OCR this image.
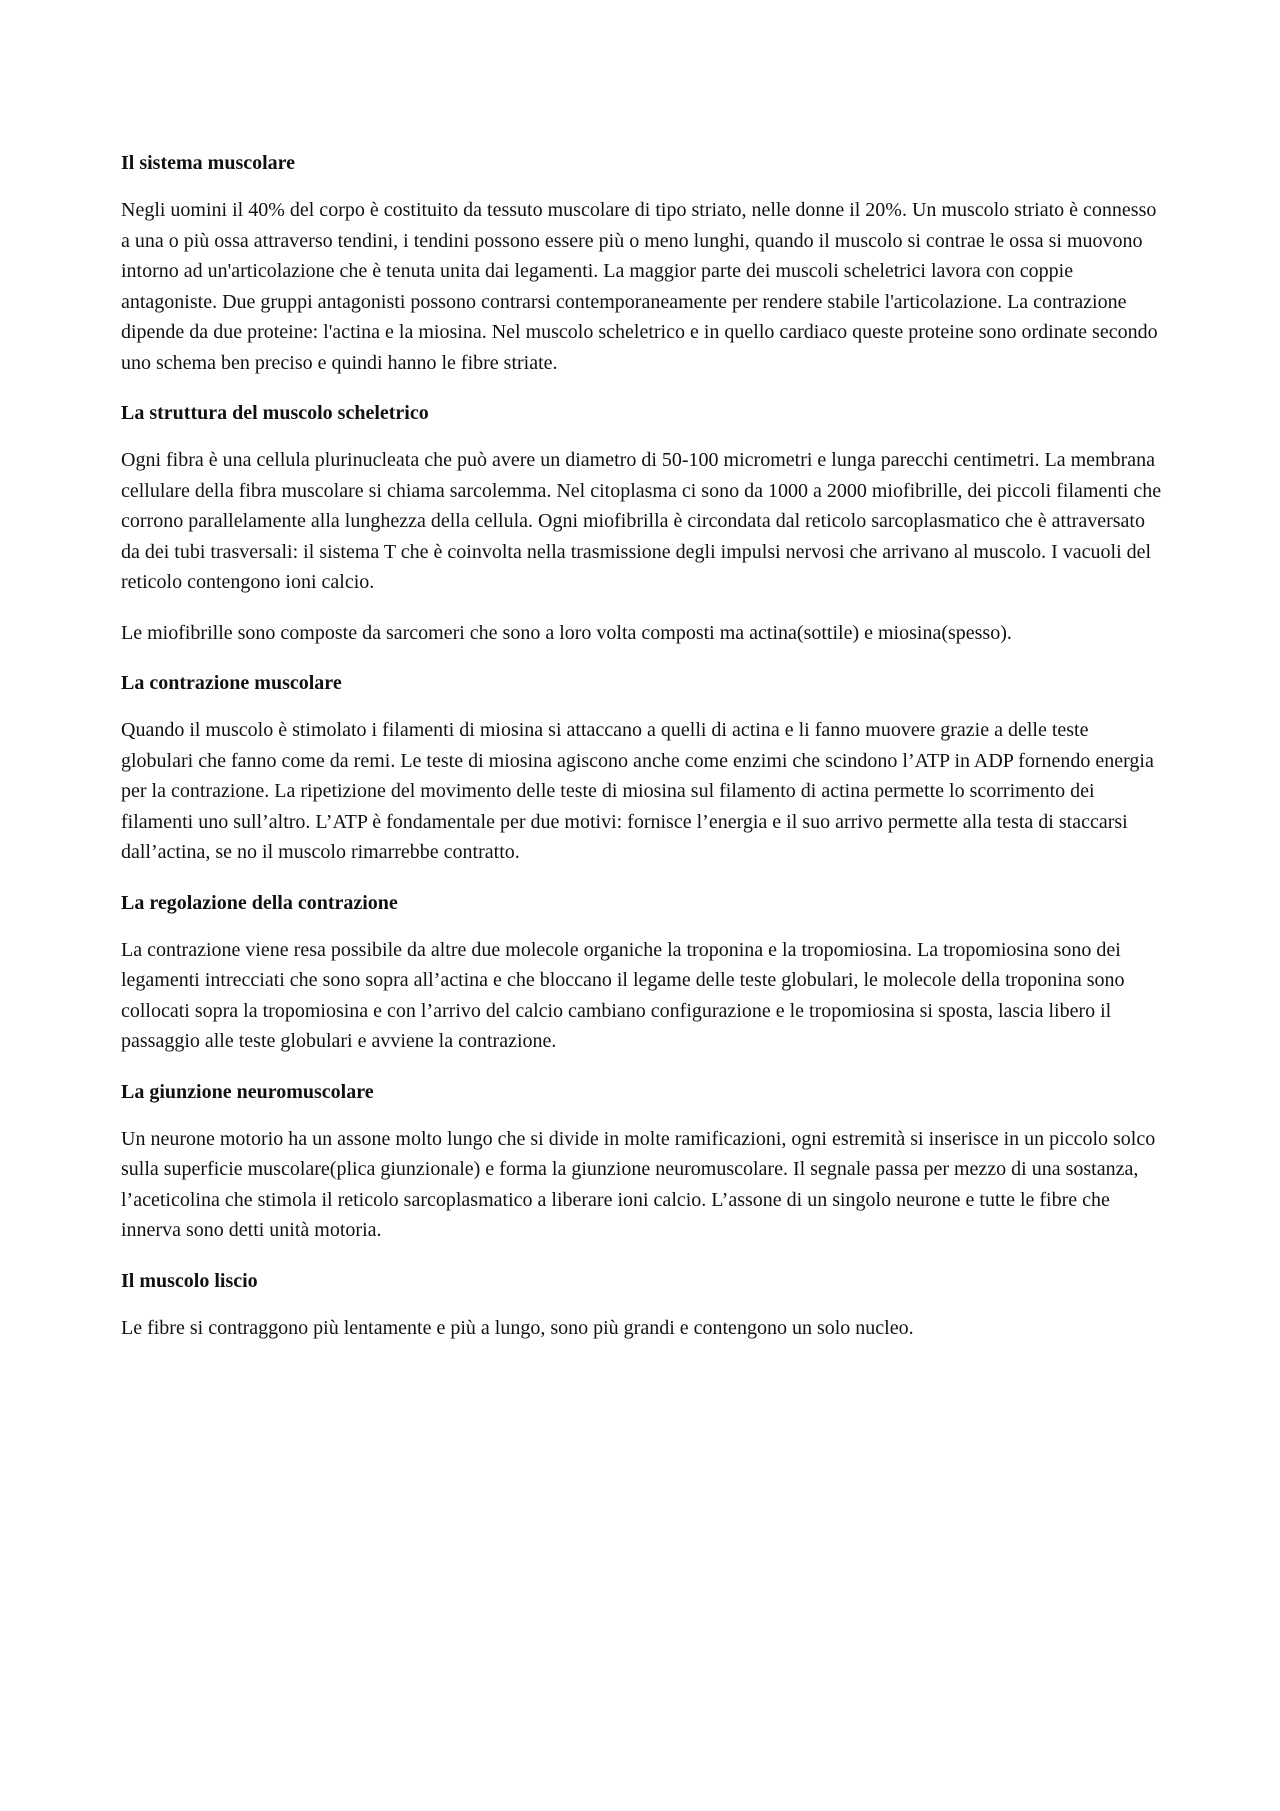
Il sistema muscolare

Negli uomini il 40% del corpo è costituito da tessuto muscolare di tipo striato, nelle donne il 20%. Un muscolo striato è connesso a una o più ossa attraverso tendini, i tendini possono essere più o meno lunghi, quando il muscolo si contrae le ossa si muovono intorno ad un'articolazione che è tenuta unita dai legamenti. La maggior parte dei muscoli scheletrici lavora con coppie antagoniste. Due gruppi antagonisti possono contrarsi contemporaneamente per rendere stabile l'articolazione. La contrazione dipende da due proteine: l'actina e la miosina. Nel muscolo scheletrico e in quello cardiaco queste proteine sono ordinate secondo uno schema ben preciso e quindi hanno le fibre striate.

La struttura del muscolo scheletrico

Ogni fibra è una cellula plurinucleata che può avere un diametro di 50-100 micrometri e lunga parecchi centimetri. La membrana cellulare della fibra muscolare si chiama sarcolemma. Nel citoplasma ci sono da 1000 a 2000 miofibrille, dei piccoli filamenti che corrono parallelamente alla lunghezza della cellula. Ogni miofibrilla è circondata dal reticolo sarcoplasmatico che è attraversato da dei tubi trasversali: il sistema T che è coinvolta nella trasmissione degli impulsi nervosi che arrivano al muscolo. I vacuoli del reticolo contengono ioni calcio.

Le miofibrille sono composte da sarcomeri che sono a loro volta composti ma actina(sottile) e miosina(spesso).

La contrazione muscolare

Quando il muscolo è stimolato i filamenti di miosina si attaccano a quelli di actina e li fanno muovere grazie a delle teste globulari che fanno come da remi. Le teste di miosina agiscono anche come enzimi che scindono l’ATP in ADP fornendo energia per la contrazione. La ripetizione del movimento delle teste di miosina sul filamento di actina permette lo scorrimento dei filamenti uno sull’altro. L’ATP è fondamentale per due motivi: fornisce l’energia e il suo arrivo permette alla testa di staccarsi dall’actina, se no il muscolo rimarrebbe contratto.

La regolazione della contrazione

La contrazione viene resa possibile da altre due molecole organiche la troponina e la tropomiosina. La tropomiosina sono dei legamenti intrecciati che sono sopra all’actina e che bloccano il legame delle teste globulari, le molecole della troponina sono collocati sopra la tropomiosina e con l’arrivo del calcio cambiano configurazione e le tropomiosina si sposta, lascia libero il passaggio alle teste globulari e avviene la contrazione.

La giunzione neuromuscolare

Un neurone motorio ha un assone molto lungo che si divide in molte ramificazioni, ogni estremità si inserisce in un piccolo solco sulla superficie muscolare(plica giunzionale) e forma la giunzione neuromuscolare. Il segnale passa per mezzo di una sostanza, l’aceticolina che stimola il reticolo sarcoplasmatico a liberare ioni calcio. L’assone di un singolo neurone e tutte le fibre che innerva sono detti unità motoria.

Il muscolo liscio

Le fibre si contraggono più lentamente e più a lungo, sono più grandi e contengono un solo nucleo.
